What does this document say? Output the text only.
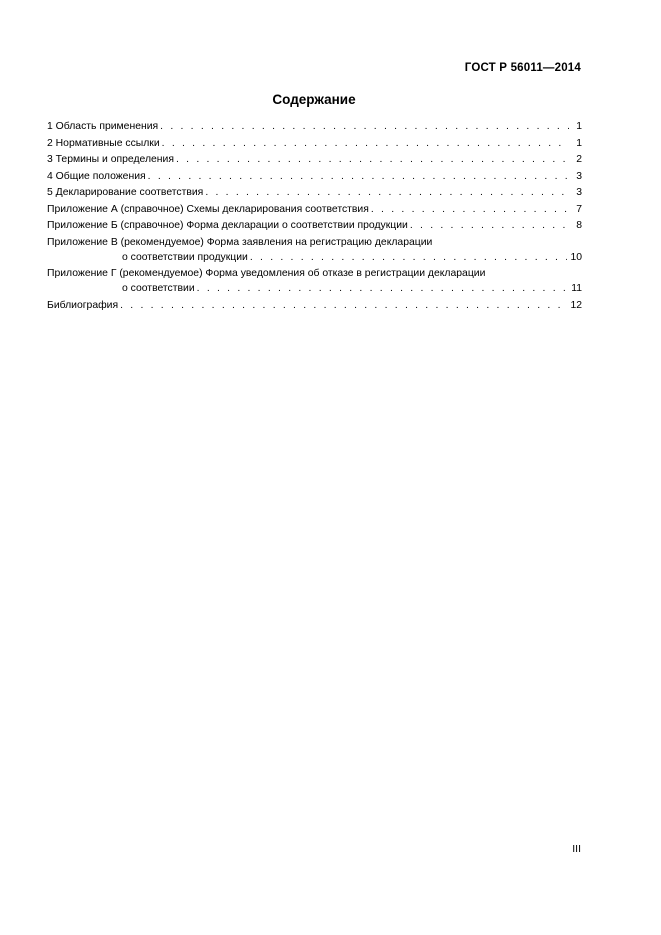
ГОСТ Р 56011—2014
Содержание
1 Область применения . . .	1
2 Нормативные ссылки . . .	1
3 Термины и определения . . .	2
4 Общие положения . . .	3
5 Декларирование соответствия . . .	3
Приложение А (справочное) Схемы декларирования соответствия . . .	7
Приложение Б (справочное) Форма декларации о соответствии продукции . . .	8
Приложение В (рекомендуемое) Форма заявления на регистрацию декларации
о соответствии продукции . . .	10
Приложение Г (рекомендуемое) Форма уведомления об отказе в регистрации декларации
о соответствии . . .	11
Библиография . . .	12
III
